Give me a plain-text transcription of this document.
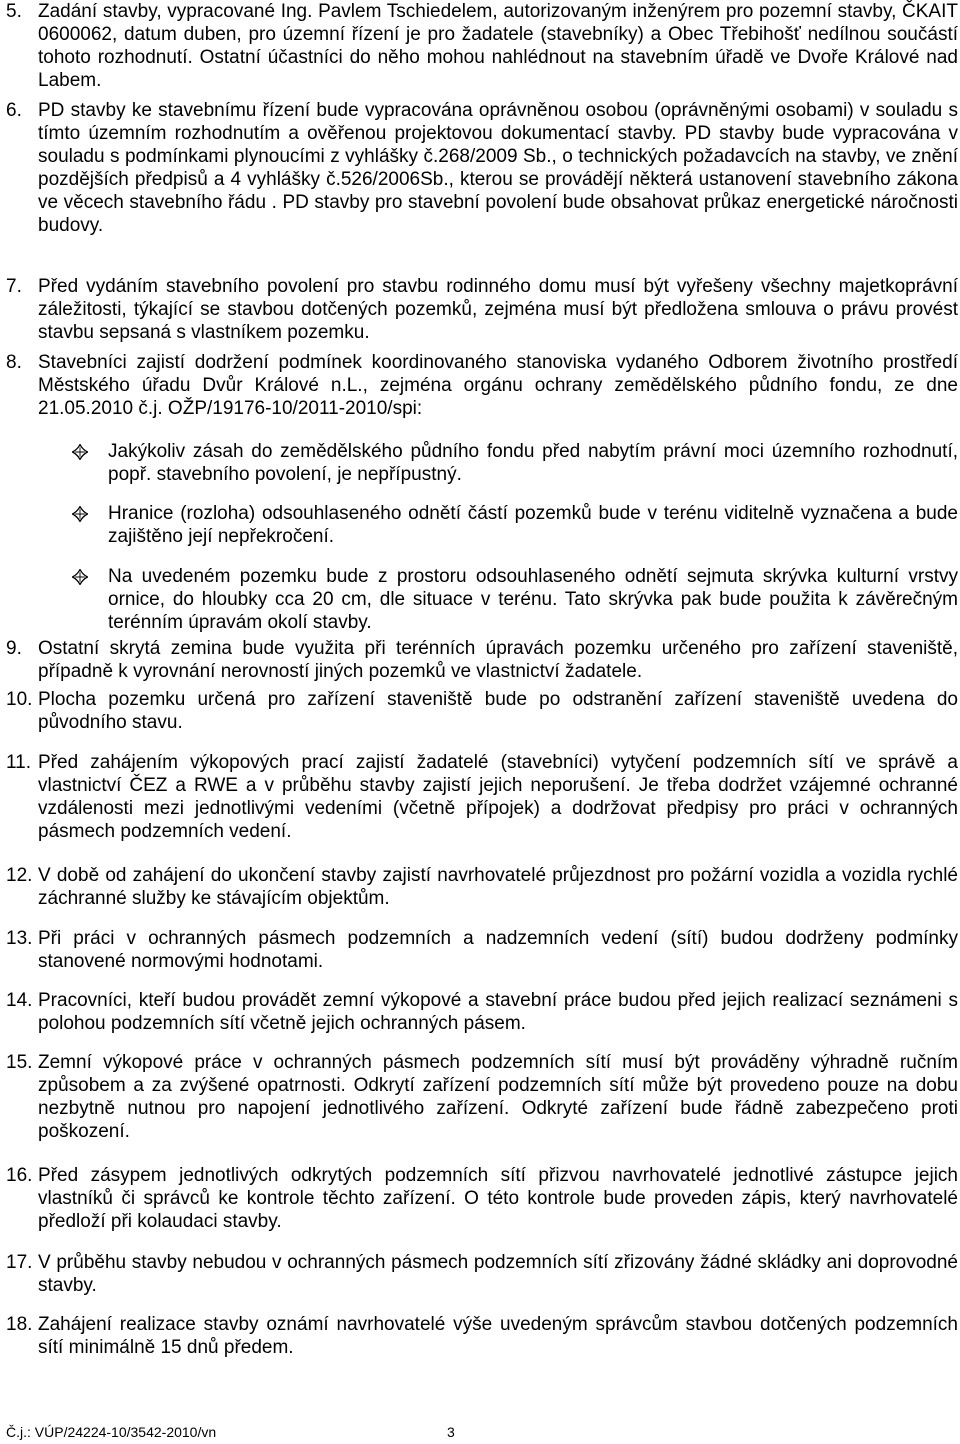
5. Zadání stavby, vypracované Ing. Pavlem Tschiedelem, autorizovaným inženýrem pro pozemní stavby, ČKAIT 0600062, datum duben, pro územní řízení je pro žadatele (stavebníky) a Obec Třebihošť nedílnou součástí tohoto rozhodnutí. Ostatní účastníci do něho mohou nahlédnout na stavebním úřadě ve Dvoře Králové nad Labem.
6. PD stavby ke stavebnímu řízení bude vypracována oprávněnou osobou (oprávněnými osobami) v souladu s tímto územním rozhodnutím a ověřenou projektovou dokumentací stavby. PD stavby bude vypracována v souladu s podmínkami plynoucími z vyhlášky č.268/2009 Sb., o technických požadavcích na stavby, ve znění pozdějších předpisů a 4 vyhlášky č.526/2006Sb., kterou se provádějí některá ustanovení stavebního zákona ve věcech stavebního řádu . PD stavby pro stavební povolení bude obsahovat průkaz energetické náročnosti budovy.
7. Před vydáním stavebního povolení pro stavbu rodinného domu musí být vyřešeny všechny majetkoprávní záležitosti, týkající se stavbou dotčených pozemků, zejména musí být předložena smlouva o právu provést stavbu sepsaná s vlastníkem pozemku.
8. Stavebníci zajistí dodržení podmínek koordinovaného stanoviska vydaného Odborem životního prostředí Městského úřadu Dvůr Králové n.L., zejména orgánu ochrany zemědělského půdního fondu, ze dne 21.05.2010 č.j. OŽP/19176-10/2011-2010/spi:
Jakýkoliv zásah do zemědělského půdního fondu před nabytím právní moci územního rozhodnutí, popř. stavebního povolení, je nepřípustný.
Hranice (rozloha) odsouhlaseného odnětí částí pozemků bude v terénu viditelně vyznačena a bude zajištěno její nepřekročení.
Na uvedeném pozemku bude z prostoru odsouhlaseného odnětí sejmuta skrývka kulturní vrstvy ornice, do hloubky cca 20 cm, dle situace v terénu. Tato skrývka pak bude použita k závěrečným terénním úpravám okolí stavby.
9. Ostatní skrytá zemina bude využita při terénních úpravách pozemku určeného pro zařízení staveniště, případně k vyrovnání nerovností jiných pozemků ve vlastnictví žadatele.
10. Plocha pozemku určená pro zařízení staveniště bude po odstranění zařízení staveniště uvedena do původního stavu.
11. Před zahájením výkopových prací zajistí žadatelé (stavebníci) vytyčení podzemních sítí ve správě a vlastnictví ČEZ a RWE a v průběhu stavby zajistí jejich neporušení. Je třeba dodržet vzájemné ochranné vzdálenosti mezi jednotlivými vedeními (včetně přípojek) a dodržovat předpisy pro práci v ochranných pásmech podzemních vedení.
12. V době od zahájení do ukončení stavby zajistí navrhovatelé průjezdnost pro požární vozidla a vozidla rychlé záchranné služby ke stávajícím objektům.
13. Při práci v ochranných pásmech podzemních a nadzemních vedení (sítí) budou dodrženy podmínky stanovené normovými hodnotami.
14. Pracovníci, kteří budou provádět zemní výkopové a stavební práce budou před jejich realizací seznámeni s polohou podzemních sítí včetně jejich ochranných pásem.
15. Zemní výkopové práce v ochranných pásmech podzemních sítí musí být prováděny výhradně ručním způsobem a za zvýšené opatrnosti. Odkrytí zařízení podzemních sítí může být provedeno pouze na dobu nezbytně nutnou pro napojení jednotlivého zařízení. Odkryté zařízení bude řádně zabezpečeno proti poškození.
16. Před zásypem jednotlivých odkrytých podzemních sítí přizvou navrhovatelé jednotlivé zástupce jejich vlastníků či správců ke kontrole těchto zařízení. O této kontrole bude proveden zápis, který navrhovatelé předloží při kolaudaci stavby.
17. V průběhu stavby nebudou v ochranných pásmech podzemních sítí zřizovány žádné skládky ani doprovodné stavby.
18. Zahájení realizace stavby oznámí navrhovatelé výše uvedeným správcům stavbou dotčených podzemních sítí minimálně 15 dnů předem.
Č.j.: VÚP/24224-10/3542-2010/vn	3
